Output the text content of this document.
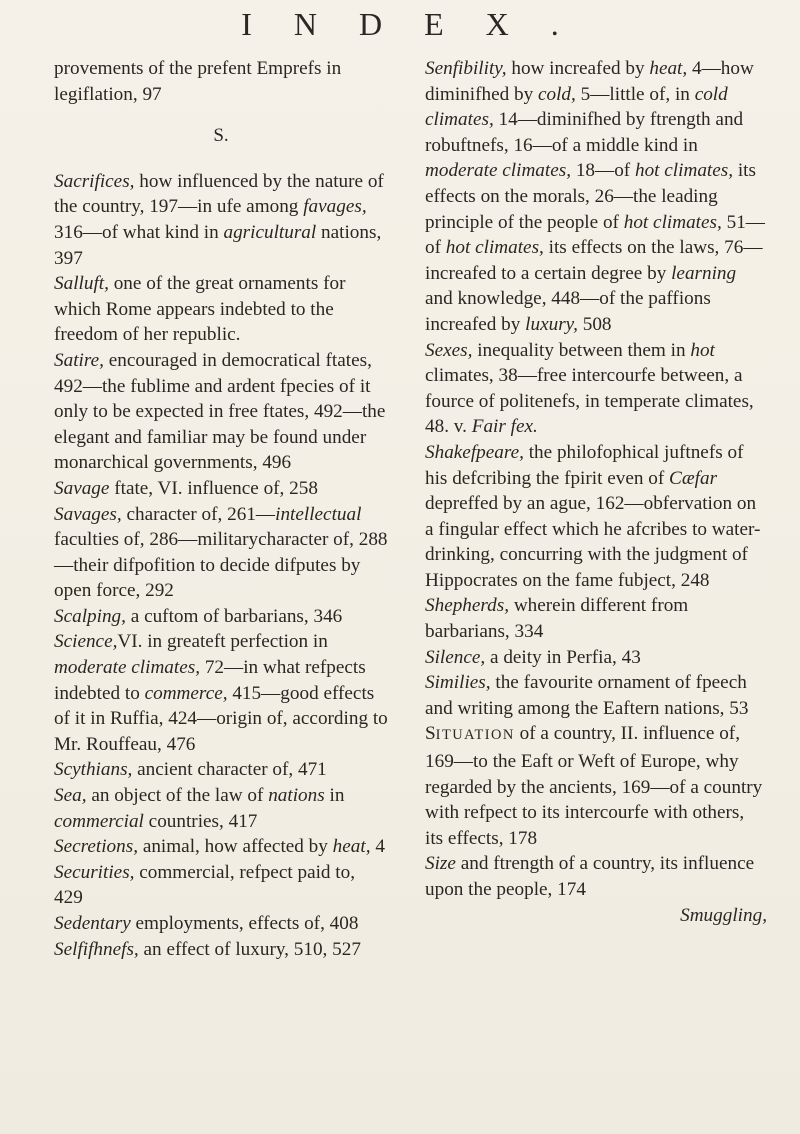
INDEX.

provements of the prefent Emprefs in legiflation, 97

S.

Sacrifices, how influenced by the nature of the country, 197—in ufe among favages, 316—of what kind in agricultural nations, 397

Salluft, one of the great ornaments for which Rome appears indebted to the freedom of her republic.

Satire, encouraged in democratical ftates, 492—the fublime and ardent fpecies of it only to be expected in free ftates, 492—the elegant and familiar may be found under monarchical governments, 496

Savage ftate, VI. influence of, 258

Savages, character of, 261—intellectual faculties of, 286—militarycharacter of, 288—their difpofition to decide difputes by open force, 292

Scalping, a cuftom of barbarians, 346

Science,VI. in greateft perfection in moderate climates, 72—in what refpects indebted to commerce, 415—good effects of it in Ruffia, 424—origin of, according to Mr. Rouffeau, 476

Scythians, ancient character of, 471

Sea, an object of the law of nations in commercial countries, 417

Secretions, animal, how affected by heat, 4

Securities, commercial, refpect paid to, 429

Sedentary employments, effects of, 408

Selfifhnefs, an effect of luxury, 510, 527

Senfibility, how increafed by heat, 4—how diminifhed by cold, 5—little of, in cold climates, 14—diminifhed by ftrength and robuftnefs, 16—of a middle kind in moderate climates, 18—of hot climates, its effects on the morals, 26—the leading principle of the people of hot climates, 51—of hot climates, its effects on the laws, 76—increafed to a certain degree by learning and knowledge, 448—of the paffions increafed by luxury, 508

Sexes, inequality between them in hot climates, 38—free intercourfe between, a fource of politenefs, in temperate climates, 48. v. Fair fex.

Shakefpeare, the philofophical juftnefs of his defcribing the fpirit even of Cæfar depreffed by an ague, 162—obfervation on a fingular effect which he afcribes to water-drinking, concurring with the judgment of Hippocrates on the fame fubject, 248

Shepherds, wherein different from barbarians, 334

Silence, a deity in Perfia, 43

Similies, the favourite ornament of fpeech and writing among the Eaftern nations, 53

SITUATION of a country, II. influence of, 169—to the Eaft or Weft of Europe, why regarded by the ancients, 169—of a country with refpect to its intercourfe with others, its effects, 178

Size and ftrength of a country, its influence upon the people, 174

Smuggling,
